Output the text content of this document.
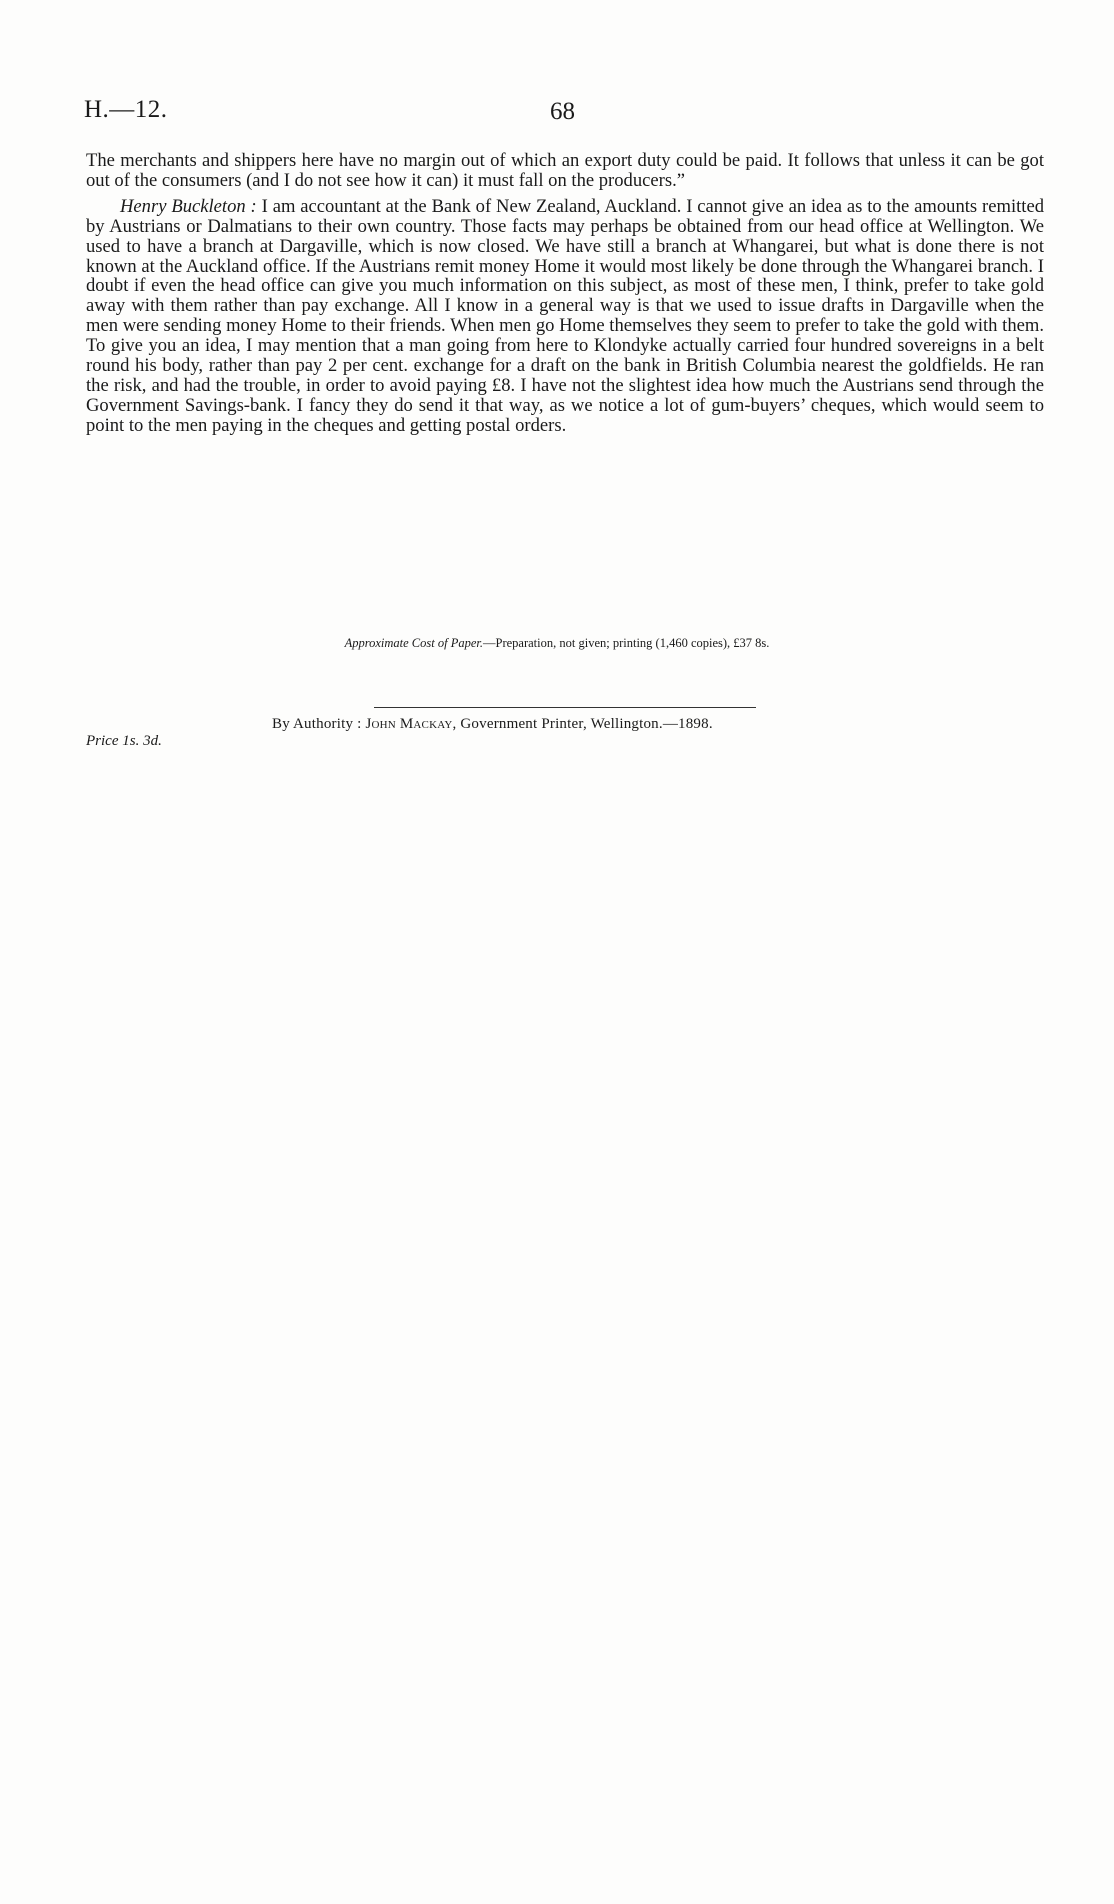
H.—12.	68

The merchants and shippers here have no margin out of which an export duty could be paid. It follows that unless it can be got out of the consumers (and I do not see how it can) it must fall on the producers.”

Henry Buckleton : I am accountant at the Bank of New Zealand, Auckland. I cannot give an idea as to the amounts remitted by Austrians or Dalmatians to their own country. Those facts may perhaps be obtained from our head office at Wellington. We used to have a branch at Dargaville, which is now closed. We have still a branch at Whangarei, but what is done there is not known at the Auckland office. If the Austrians remit money Home it would most likely be done through the Whangarei branch. I doubt if even the head office can give you much information on this subject, as most of these men, I think, prefer to take gold away with them rather than pay exchange. All I know in a general way is that we used to issue drafts in Dargaville when the men were sending money Home to their friends. When men go Home themselves they seem to prefer to take the gold with them. To give you an idea, I may mention that a man going from here to Klondyke actually carried four hundred sovereigns in a belt round his body, rather than pay 2 per cent. exchange for a draft on the bank in British Columbia nearest the goldfields. He ran the risk, and had the trouble, in order to avoid paying £8. I have not the slightest idea how much the Austrians send through the Government Savings-bank. I fancy they do send it that way, as we notice a lot of gum-buyers’ cheques, which would seem to point to the men paying in the cheques and getting postal orders.

Approximate Cost of Paper.—Preparation, not given; printing (1,460 copies), £37 8s.
By Authority : John Mackay, Government Printer, Wellington.—1898.
Price 1s. 3d.
